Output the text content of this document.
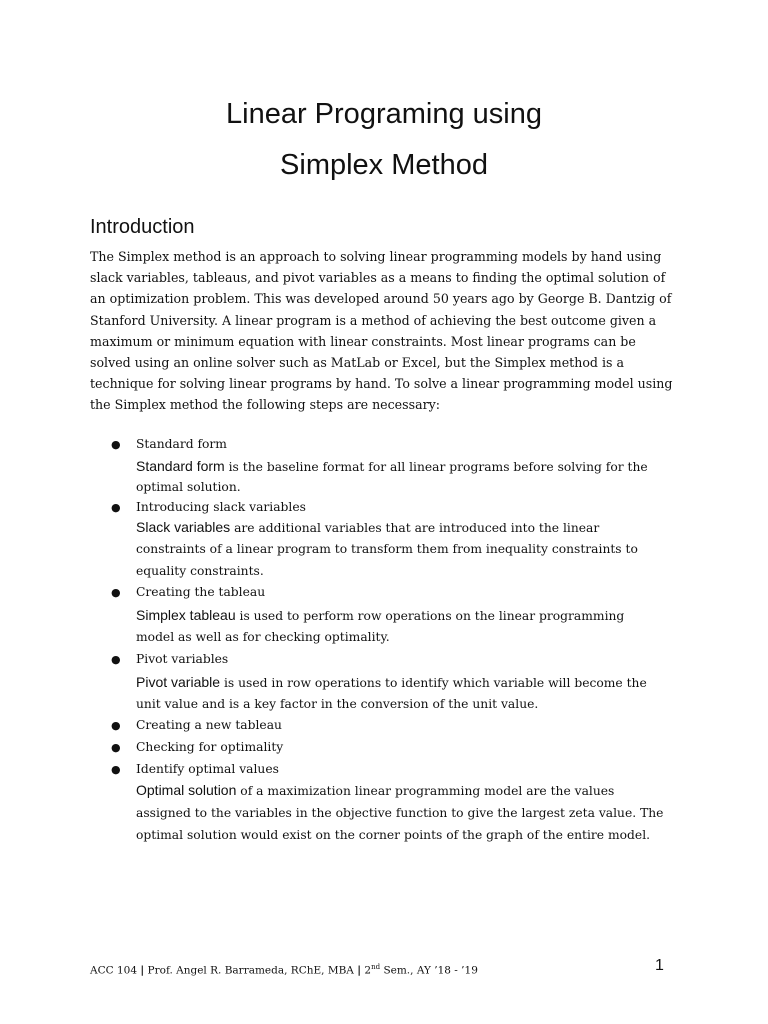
Linear Programing using
Simplex Method
Introduction

The Simplex method is an approach to solving linear programming models by hand using
slack variables, tableaus, and pivot variables as a means to finding the optimal solution of
an optimization problem. This was developed around 50 years ago by George B. Dantzig of
Stanford University. A linear program is a method of achieving the best outcome given a
maximum or minimum equation with linear constraints. Most linear programs can be
solved using an online solver such as MatLab or Excel, but the Simplex method is a
technique for solving linear programs by hand. To solve a linear programming model using
the Simplex method the following steps are necessary:

● Standard form
Standard form is the baseline format for all linear programs before solving for the
optimal solution.
● Introducing slack variables
Slack variables are additional variables that are introduced into the linear
constraints of a linear program to transform them from inequality constraints to
equality constraints.
● Creating the tableau
Simplex tableau is used to perform row operations on the linear programming
model as well as for checking optimality.
● Pivot variables
Pivot variable is used in row operations to identify which variable will become the
unit value and is a key factor in the conversion of the unit value.
● Creating a new tableau
● Checking for optimality
● Identify optimal values
Optimal solution of a maximization linear programming model are the values
assigned to the variables in the objective function to give the largest zeta value. The
optimal solution would exist on the corner points of the graph of the entire model.
ACC 104 | Prof. Angel R. Barrameda, RChE, MBA | 2nd Sem., AY ’18 - ’19	1
